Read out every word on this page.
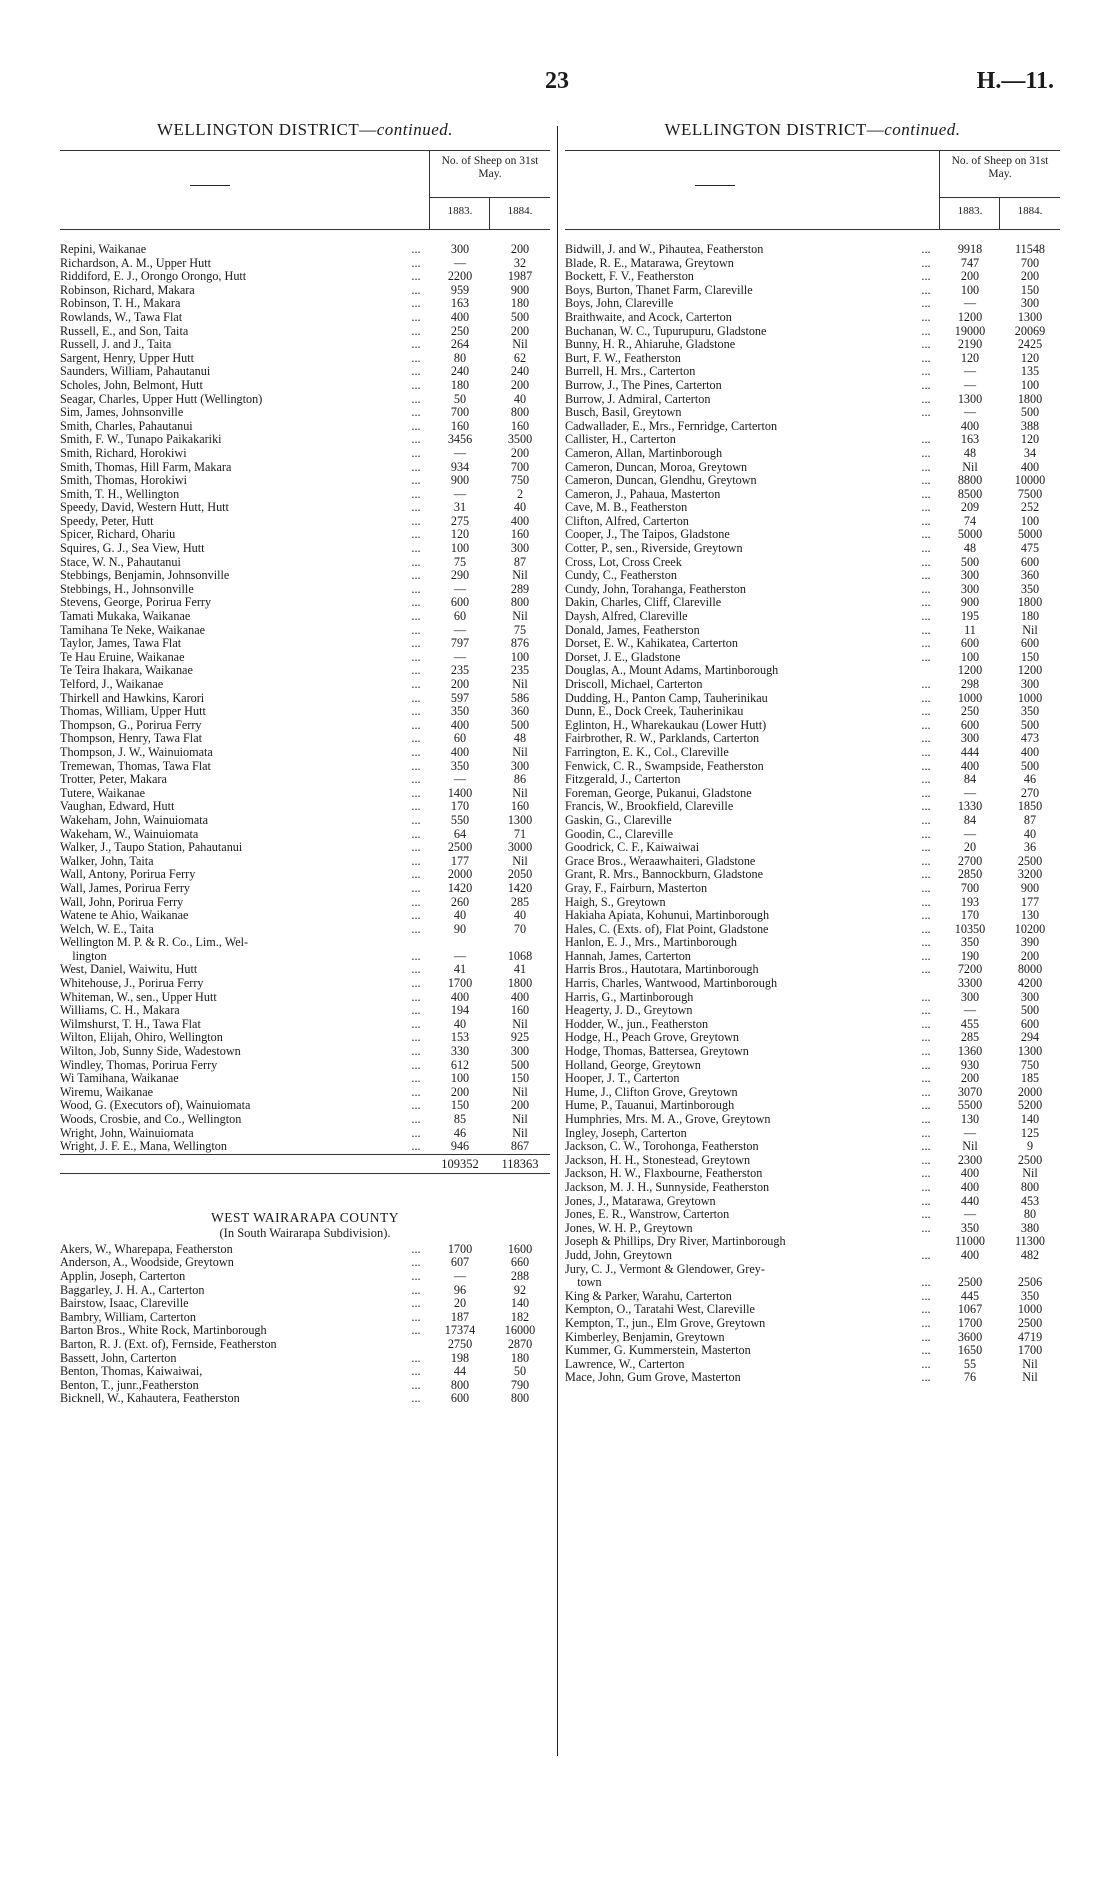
23	H.—11.
WELLINGTON DISTRICT—continued.
No. of Sheep on 31st May.
1883.	1884.
Repini, Waikanae	...	300	200
Richardson, A. M., Upper Hutt	...	—	32
Riddiford, E. J., Orongo Orongo, Hutt	...	2200	1987
Robinson, Richard, Makara	...	959	900
Robinson, T. H., Makara	...	163	180
Rowlands, W., Tawa Flat	...	400	500
Russell, E., and Son, Taita	...	250	200
Russell, J. and J., Taita	...	264	Nil
Sargent, Henry, Upper Hutt	...	80	62
Saunders, William, Pahautanui	...	240	240
Scholes, John, Belmont, Hutt	...	180	200
Seagar, Charles, Upper Hutt (Wellington)	...	50	40
Sim, James, Johnsonville	...	700	800
Smith, Charles, Pahautanui	...	160	160
Smith, F. W., Tunapo Paikakariki	...	3456	3500
Smith, Richard, Horokiwi	...	—	200
Smith, Thomas, Hill Farm, Makara	...	934	700
Smith, Thomas, Horokiwi	...	900	750
Smith, T. H., Wellington	...	—	2
Speedy, David, Western Hutt, Hutt	...	31	40
Speedy, Peter, Hutt	...	275	400
Spicer, Richard, Ohariu	...	120	160
Squires, G. J., Sea View, Hutt	...	100	300
Stace, W. N., Pahautanui	...	75	87
Stebbings, Benjamin, Johnsonville	...	290	Nil
Stebbings, H., Johnsonville	...	—	289
Stevens, George, Porirua Ferry	...	600	800
Tamati Mukaka, Waikanae	...	60	Nil
Tamihana Te Neke, Waikanae	...	—	75
Taylor, James, Tawa Flat	...	797	876
Te Hau Eruine, Waikanae	...	—	100
Te Teira Ihakara, Waikanae	...	235	235
Telford, J., Waikanae	...	200	Nil
Thirkell and Hawkins, Karori	...	597	586
Thomas, William, Upper Hutt	...	350	360
Thompson, G., Porirua Ferry	...	400	500
Thompson, Henry, Tawa Flat	...	60	48
Thompson, J. W., Wainuiomata	...	400	Nil
Tremewan, Thomas, Tawa Flat	...	350	300
Trotter, Peter, Makara	...	—	86
Tutere, Waikanae	...	1400	Nil
Vaughan, Edward, Hutt	...	170	160
Wakeham, John, Wainuiomata	...	550	1300
Wakeham, W., Wainuiomata	...	64	71
Walker, J., Taupo Station, Pahautanui	...	2500	3000
Walker, John, Taita	...	177	Nil
Wall, Antony, Porirua Ferry	...	2000	2050
Wall, James, Porirua Ferry	...	1420	1420
Wall, John, Porirua Ferry	...	260	285
Watene te Ahio, Waikanae	...	40	40
Welch, W. E., Taita	...	90	70
Wellington M. P. & R. Co., Lim., Wel-
lington	...	—	1068
West, Daniel, Waiwitu, Hutt	...	41	41
Whitehouse, J., Porirua Ferry	...	1700	1800
Whiteman, W., sen., Upper Hutt	...	400	400
Williams, C. H., Makara	...	194	160
Wilmshurst, T. H., Tawa Flat	...	40	Nil
Wilton, Elijah, Ohiro, Wellington	...	153	925
Wilton, Job, Sunny Side, Wadestown	...	330	300
Windley, Thomas, Porirua Ferry	...	612	500
Wi Tamihana, Waikanae	...	100	150
Wiremu, Waikanae	...	200	Nil
Wood, G. (Executors of), Wainuiomata	...	150	200
Woods, Crosbie, and Co., Wellington	...	85	Nil
Wright, John, Wainuiomata	...	46	Nil
Wright, J. F. E., Mana, Wellington	...	946	867
109352	118363
WEST WAIRARAPA COUNTY
(In South Wairarapa Subdivision).
Akers, W., Wharepapa, Featherston	...	1700	1600
Anderson, A., Woodside, Greytown	...	607	660
Applin, Joseph, Carterton	...	—	288
Baggarley, J. H. A., Carterton	...	96	92
Bairstow, Isaac, Clareville	...	20	140
Bambry, William, Carterton	...	187	182
Barton Bros., White Rock, Martinborough	...	17374	16000
Barton, R. J. (Ext. of), Fernside, Featherston	2750	2870
Bassett, John, Carterton	...	198	180
Benton, Thomas, Kaiwaiwai,	...	44	50
Benton, T., junr.,Featherston	...	800	790
Bicknell, W., Kahautera, Featherston	...	600	800
WELLINGTON DISTRICT—continued.
No. of Sheep on 31st May.
1883.	1884.
Bidwill, J. and W., Pihautea, Featherston	...	9918	11548
Blade, R. E., Matarawa, Greytown	...	747	700
Bockett, F. V., Featherston	...	200	200
Boys, Burton, Thanet Farm, Clareville	...	100	150
Boys, John, Clareville	...	—	300
Braithwaite, and Acock, Carterton	...	1200	1300
Buchanan, W. C., Tupurupuru, Gladstone	...	19000	20069
Bunny, H. R., Ahiaruhe, Gladstone	...	2190	2425
Burt, F. W., Featherston	...	120	120
Burrell, H. Mrs., Carterton	...	—	135
Burrow, J., The Pines, Carterton	...	—	100
Burrow, J. Admiral, Carterton	...	1300	1800
Busch, Basil, Greytown	...	—	500
Cadwallader, E., Mrs., Fernridge, Carterton	400	388
Callister, H., Carterton	...	163	120
Cameron, Allan, Martinborough	...	48	34
Cameron, Duncan, Moroa, Greytown	...	Nil	400
Cameron, Duncan, Glendhu, Greytown	...	8800	10000
Cameron, J., Pahaua, Masterton	...	8500	7500
Cave, M. B., Featherston	...	209	252
Clifton, Alfred, Carterton	...	74	100
Cooper, J., The Taipos, Gladstone	...	5000	5000
Cotter, P., sen., Riverside, Greytown	...	48	475
Cross, Lot, Cross Creek	...	500	600
Cundy, C., Featherston	...	300	360
Cundy, John, Torahanga, Featherston	...	300	350
Dakin, Charles, Cliff, Clareville	...	900	1800
Daysh, Alfred, Clareville	...	195	180
Donald, James, Featherston	...	11	Nil
Dorset, E. W., Kahikatea, Carterton	...	600	600
Dorset, J. E., Gladstone	...	100	150
Douglas, A., Mount Adams, Martinborough	1200	1200
Driscoll, Michael, Carterton	...	298	300
Dudding, H., Panton Camp, Tauherinikau	...	1000	1000
Dunn, E., Dock Creek, Tauherinikau	...	250	350
Eglinton, H., Wharekaukau (Lower Hutt)	...	600	500
Fairbrother, R. W., Parklands, Carterton	...	300	473
Farrington, E. K., Col., Clareville	...	444	400
Fenwick, C. R., Swampside, Featherston	...	400	500
Fitzgerald, J., Carterton	...	84	46
Foreman, George, Pukanui, Gladstone	...	—	270
Francis, W., Brookfield, Clareville	...	1330	1850
Gaskin, G., Clareville	...	84	87
Goodin, C., Clareville	...	—	40
Goodrick, C. F., Kaiwaiwai	...	20	36
Grace Bros., Weraawhaiteri, Gladstone	...	2700	2500
Grant, R. Mrs., Bannockburn, Gladstone	...	2850	3200
Gray, F., Fairburn, Masterton	...	700	900
Haigh, S., Greytown	...	193	177
Hakiaha Apiata, Kohunui, Martinborough	...	170	130
Hales, C. (Exts. of), Flat Point, Gladstone	...	10350	10200
Hanlon, E. J., Mrs., Martinborough	...	350	390
Hannah, James, Carterton	...	190	200
Harris Bros., Hautotara, Martinborough	...	7200	8000
Harris, Charles, Wantwood, Martinborough	3300	4200
Harris, G., Martinborough	...	300	300
Heagerty, J. D., Greytown	...	—	500
Hodder, W., jun., Featherston	...	455	600
Hodge, H., Peach Grove, Greytown	...	285	294
Hodge, Thomas, Battersea, Greytown	...	1360	1300
Holland, George, Greytown	...	930	750
Hooper, J. T., Carterton	...	200	185
Hume, J., Clifton Grove, Greytown	...	3070	2000
Hume, P., Tauanui, Martinborough	...	5500	5200
Humphries, Mrs. M. A., Grove, Greytown	...	130	140
Ingley, Joseph, Carterton	...	—	125
Jackson, C. W., Torohonga, Featherston	...	Nil	9
Jackson, H. H., Stonestead, Greytown	...	2300	2500
Jackson, H. W., Flaxbourne, Featherston	...	400	Nil
Jackson, M. J. H., Sunnyside, Featherston	...	400	800
Jones, J., Matarawa, Greytown	...	440	453
Jones, E. R., Wanstrow, Carterton	...	—	80
Jones, W. H. P., Greytown	...	350	380
Joseph & Phillips, Dry River, Martinborough	11000	11300
Judd, John, Greytown	...	400	482
Jury, C. J., Vermont & Glendower, Grey-
town	...	2500	2506
King & Parker, Warahu, Carterton	...	445	350
Kempton, O., Taratahi West, Clareville	...	1067	1000
Kempton, T., jun., Elm Grove, Greytown	...	1700	2500
Kimberley, Benjamin, Greytown	...	3600	4719
Kummer, G. Kummerstein, Masterton	...	1650	1700
Lawrence, W., Carterton	...	55	Nil
Mace, John, Gum Grove, Masterton	...	76	Nil
